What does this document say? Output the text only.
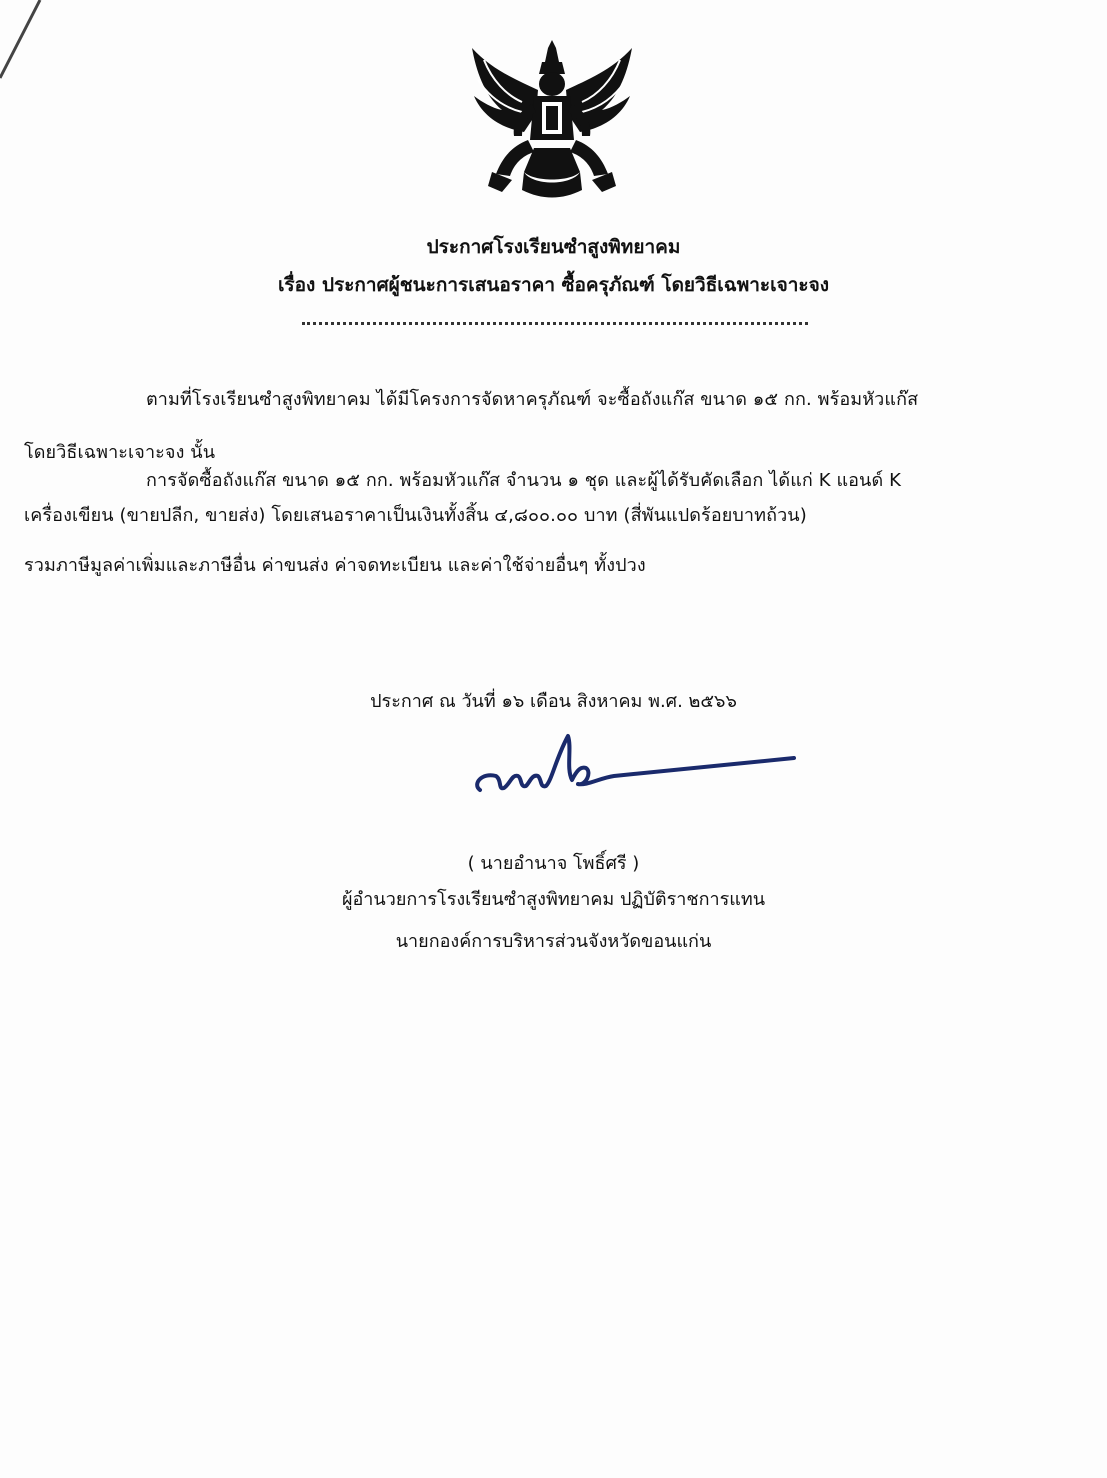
ประกาศโรงเรียนซำสูงพิทยาคม
เรื่อง ประกาศผู้ชนะการเสนอราคา ซื้อครุภัณฑ์ โดยวิธีเฉพาะเจาะจง
ตามที่โรงเรียนซำสูงพิทยาคม ได้มีโครงการจัดหาครุภัณฑ์ จะซื้อถังแก๊ส ขนาด ๑๕ กก. พร้อมหัวแก๊ส
โดยวิธีเฉพาะเจาะจง นั้น
การจัดซื้อถังแก๊ส ขนาด ๑๕ กก. พร้อมหัวแก๊ส จำนวน ๑ ชุด และผู้ได้รับคัดเลือก ได้แก่ K แอนด์ K
เครื่องเขียน (ขายปลีก, ขายส่ง) โดยเสนอราคาเป็นเงินทั้งสิ้น ๔,๘๐๐.๐๐ บาท (สี่พันแปดร้อยบาทถ้วน)
รวมภาษีมูลค่าเพิ่มและภาษีอื่น ค่าขนส่ง ค่าจดทะเบียน และค่าใช้จ่ายอื่นๆ ทั้งปวง
ประกาศ ณ วันที่ ๑๖ เดือน สิงหาคม พ.ศ. ๒๕๖๖
( นายอำนาจ โพธิ์ศรี )
ผู้อำนวยการโรงเรียนซำสูงพิทยาคม ปฏิบัติราชการแทน
นายกองค์การบริหารส่วนจังหวัดขอนแก่น
